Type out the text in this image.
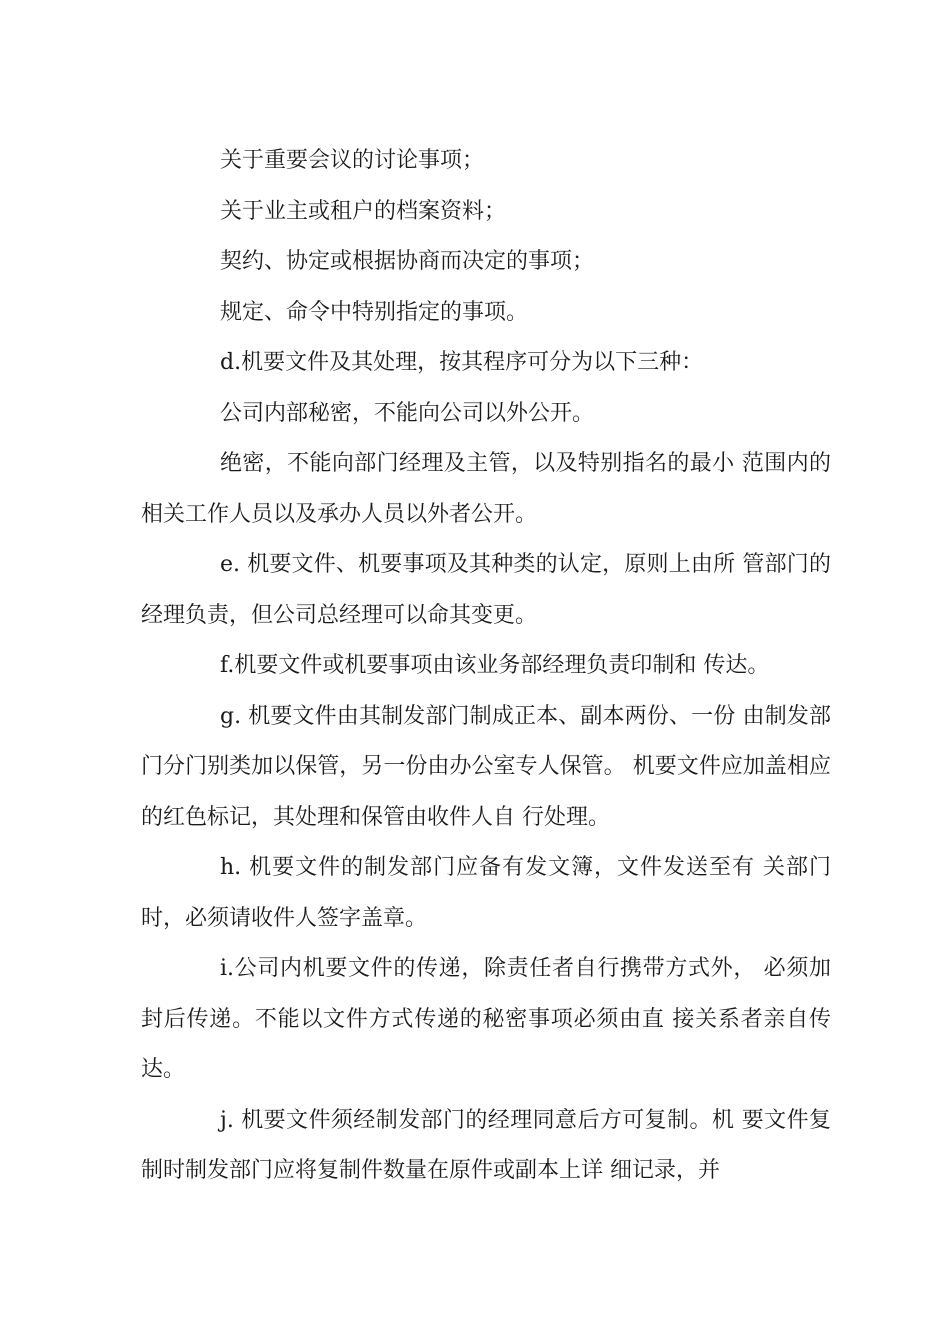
关于重要会议的讨论事项；

关于业主或租户的档案资料；

契约、协定或根据协商而决定的事项；

规定、命令中特别指定的事项。

d.机要文件及其处理，按其程序可分为以下三种：

公司内部秘密，不能向公司以外公开。

绝密，不能向部门经理及主管，以及特别指名的最小 范围内的相关工作人员以及承办人员以外者公开。

e. 机要文件、机要事项及其种类的认定，原则上由所 管部门的经理负责，但公司总经理可以命其变更。

f.机要文件或机要事项由该业务部经理负责印制和 传达。

g. 机要文件由其制发部门制成正本、副本两份、一份 由制发部门分门别类加以保管，另一份由办公室专人保管。 机要文件应加盖相应的红色标记，其处理和保管由收件人自 行处理。

h. 机要文件的制发部门应备有发文簿，文件发送至有 关部门时，必须请收件人签字盖章。

i.公司内机要文件的传递，除责任者自行携带方式外， 必须加封后传递。不能以文件方式传递的秘密事项必须由直 接关系者亲自传达。

j. 机要文件须经制发部门的经理同意后方可复制。机 要文件复制时制发部门应将复制件数量在原件或副本上详 细记录，并
